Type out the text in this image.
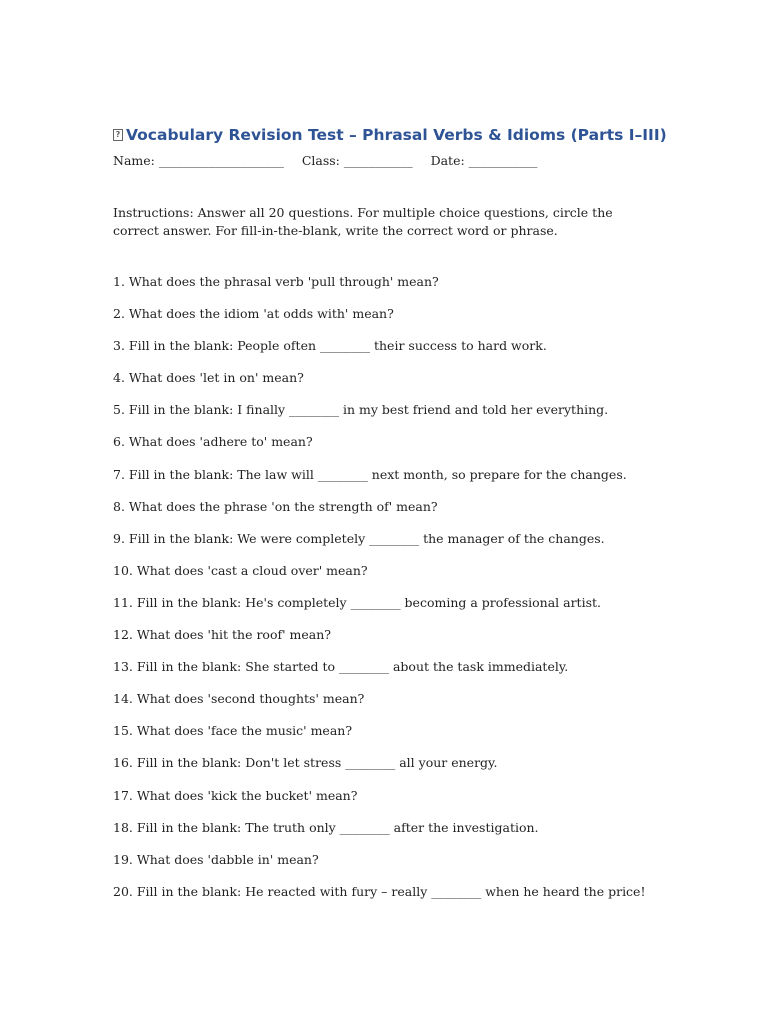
? Vocabulary Revision Test – Phrasal Verbs & Idioms (Parts I–III)
Name: ____________________ Class: ___________ Date: ___________

Instructions: Answer all 20 questions. For multiple choice questions, circle the correct answer. For fill-in-the-blank, write the correct word or phrase.

1. What does the phrasal verb 'pull through' mean?
2. What does the idiom 'at odds with' mean?
3. Fill in the blank: People often ________ their success to hard work.
4. What does 'let in on' mean?
5. Fill in the blank: I finally ________ in my best friend and told her everything.
6. What does 'adhere to' mean?
7. Fill in the blank: The law will ________ next month, so prepare for the changes.
8. What does the phrase 'on the strength of' mean?
9. Fill in the blank: We were completely ________ the manager of the changes.
10. What does 'cast a cloud over' mean?
11. Fill in the blank: He's completely ________ becoming a professional artist.
12. What does 'hit the roof' mean?
13. Fill in the blank: She started to ________ about the task immediately.
14. What does 'second thoughts' mean?
15. What does 'face the music' mean?
16. Fill in the blank: Don't let stress ________ all your energy.
17. What does 'kick the bucket' mean?
18. Fill in the blank: The truth only ________ after the investigation.
19. What does 'dabble in' mean?
20. Fill in the blank: He reacted with fury – really ________ when he heard the price!
